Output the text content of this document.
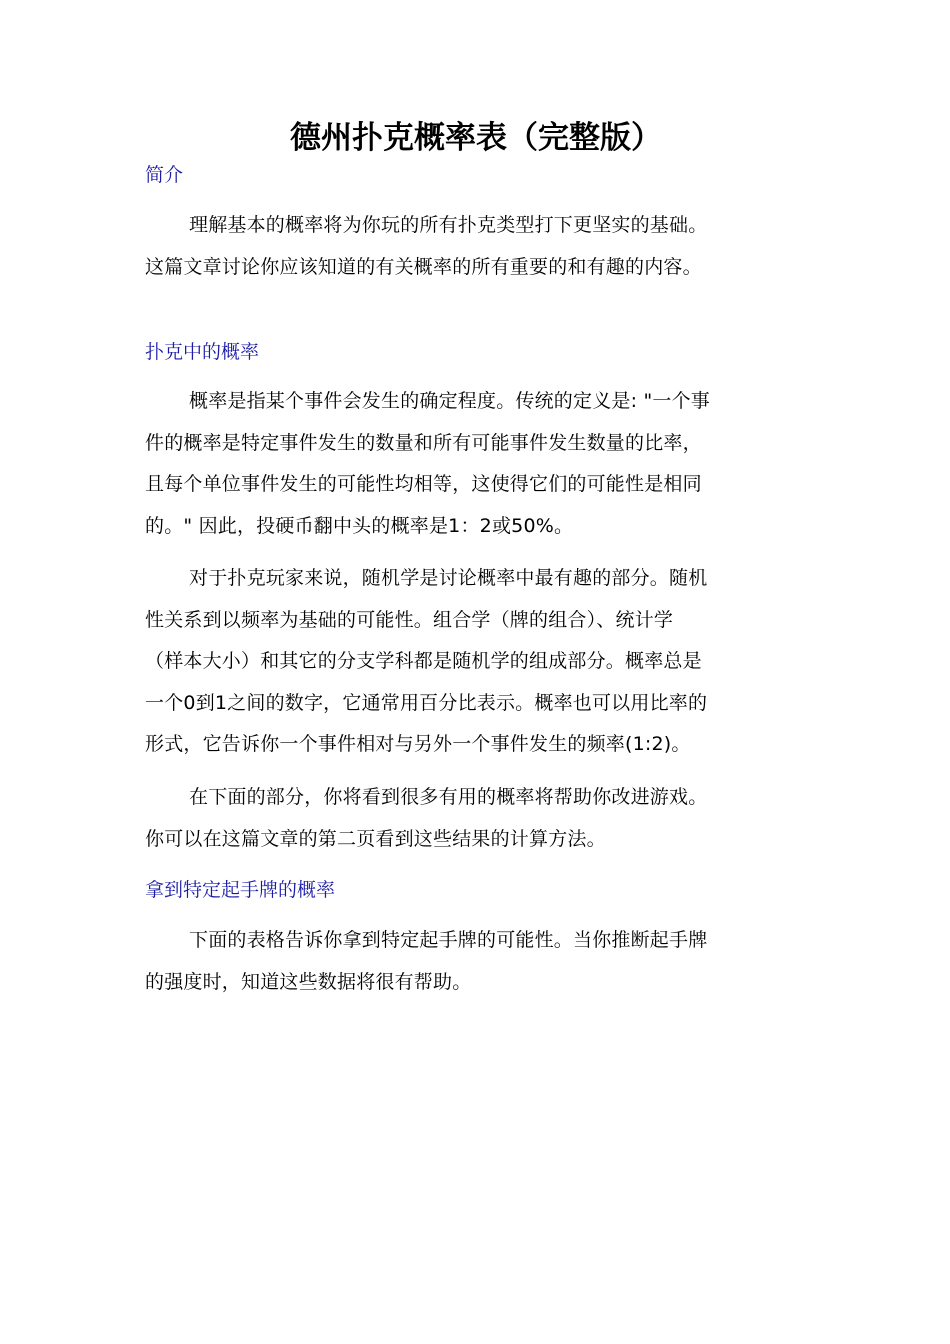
德州扑克概率表（完整版）
简介

理解基本的概率将为你玩的所有扑克类型打下更坚实的基础。
这篇文章讨论你应该知道的有关概率的所有重要的和有趣的内容。

扑克中的概率

概率是指某个事件会发生的确定程度。传统的定义是: "一个事
件的概率是特定事件发生的数量和所有可能事件发生数量的比率，
且每个单位事件发生的可能性均相等，这使得它们的可能性是相同
的。" 因此，投硬币翻中头的概率是1：2或50%。

对于扑克玩家来说，随机学是讨论概率中最有趣的部分。随机
性关系到以频率为基础的可能性。组合学（牌的组合）、统计学
（样本大小）和其它的分支学科都是随机学的组成部分。概率总是
一个0到1之间的数字，它通常用百分比表示。概率也可以用比率的
形式，它告诉你一个事件相对与另外一个事件发生的频率(1:2)。

在下面的部分，你将看到很多有用的概率将帮助你改进游戏。
你可以在这篇文章的第二页看到这些结果的计算方法。

拿到特定起手牌的概率

下面的表格告诉你拿到特定起手牌的可能性。当你推断起手牌
的强度时，知道这些数据将很有帮助。
